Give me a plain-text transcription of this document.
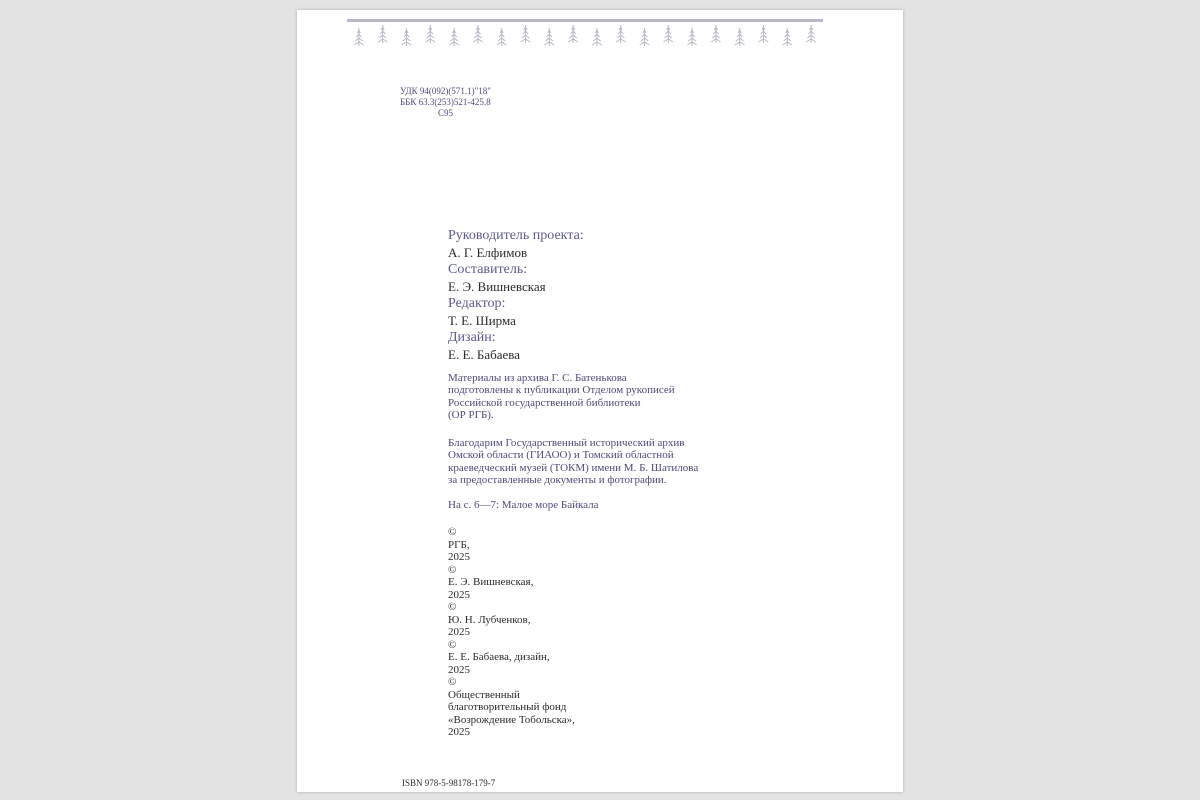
УДК 94(092)(571.1)"18"
ББК 63.3(253)521-425.8
С95
Руководитель проекта:
А. Г. Елфимов
Составитель:
Е. Э. Вишневская
Редактор:
Т. Е. Ширма
Дизайн:
Е. Е. Бабаева
Материалы из архива Г. С. Батенькова
подготовлены к публикации Отделом рукописей
Российской государственной библиотеки
(ОР РГБ).
Благодарим Государственный исторический архив
Омской области (ГИАОО) и Томский областной
краеведческий музей (ТОКМ) имени М. Б. Шатилова
за предоставленные документы и фотографии.
На с. 6—7: Малое море Байкала
©
РГБ,
2025
©
Е. Э. Вишневская,
2025
©
Ю. Н. Лубченков,
2025
©
Е. Е. Бабаева, дизайн,
2025
©
Общественный
благотворительный фонд
«Возрождение Тобольска»,
2025
ISBN 978-5-98178-179-7
